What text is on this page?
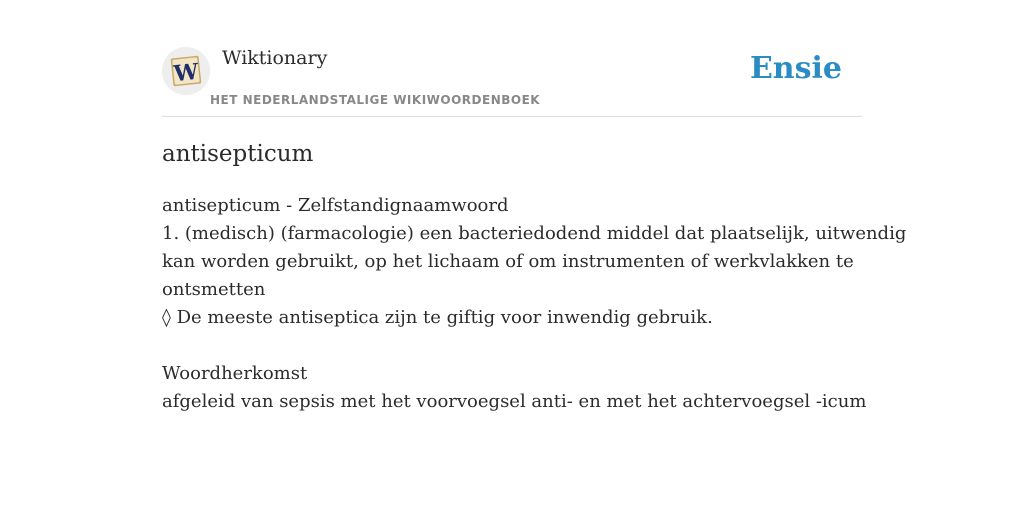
W
Wiktionary
HET NEDERLANDSTALIGE WIKIWOORDENBOEK
Ensie
antisepticum
antisepticum - Zelfstandignaamwoord
1. (medisch) (farmacologie) een bacteriedodend middel dat plaatselijk, uitwendig
kan worden gebruikt, op het lichaam of om instrumenten of werkvlakken te
ontsmetten
◊ De meeste antiseptica zijn te giftig voor inwendig gebruik.
Woordherkomst
afgeleid van sepsis met het voorvoegsel anti- en met het achtervoegsel -icum
